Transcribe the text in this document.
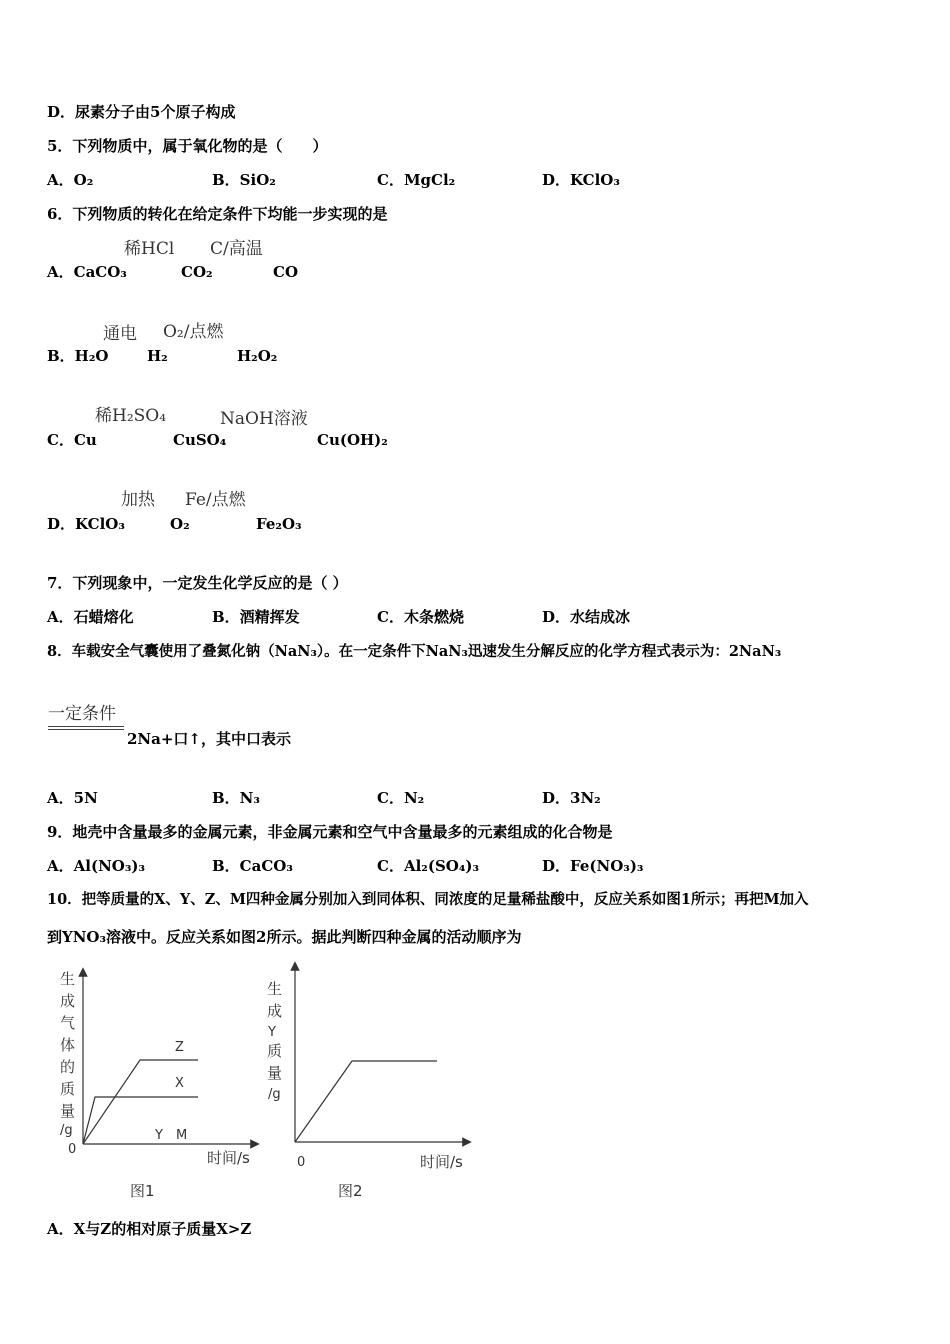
D．尿素分子由5个原子构成
5．下列物质中，属于氧化物的是（　　）
A．O₂	B．SiO₂	C．MgCl₂	D．KClO₃
6．下列物质的转化在给定条件下均能一步实现的是
稀HCl C/高温
A．CaCO₃	CO₂	CO
通电 O₂/点燃
B．H₂O	H₂	H₂O₂
稀H₂SO₄	NaOH溶液
C．Cu	CuSO₄	Cu(OH)₂
加热 Fe/点燃
D．KClO₃	O₂	Fe₂O₃
7．下列现象中，一定发生化学反应的是（ ）
A．石蜡熔化	B．酒精挥发	C．木条燃烧	D．水结成冰
8．车载安全气囊使用了叠氮化钠（NaN₃）。在一定条件下NaN₃迅速发生分解反应的化学方程式表示为：2NaN₃
一定条件
2Na+口↑，其中口表示
A．5N	B．N₃	C．N₂	D．3N₂
9．地壳中含量最多的金属元素，非金属元素和空气中含量最多的元素组成的化合物是
A．Al(NO₃)₃	B．CaCO₃	C．Al₂(SO₄)₃	D．Fe(NO₃)₃
10．把等质量的X、Y、Z、M四种金属分别加入到同体积、同浓度的足量稀盐酸中，反应关系如图1所示；再把M加入
到YNO₃溶液中。反应关系如图2所示。据此判断四种金属的活动顺序为
生
成
气
体
的
质
量
/g
0	时间/s
Z
X
Y　M
图1
生
成
Y
质
量
/g
0	时间/s
图2
A．X与Z的相对原子质量X>Z
